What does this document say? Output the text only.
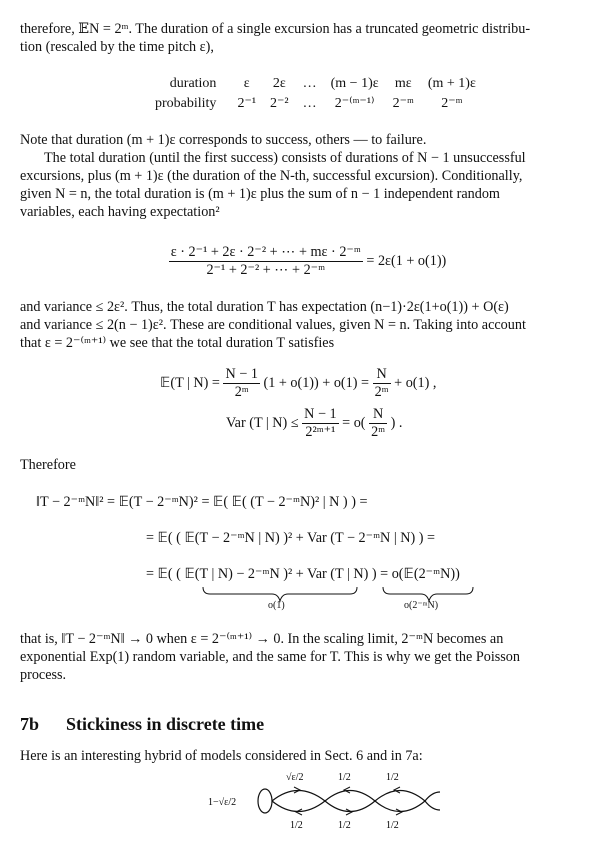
therefore, 𝔼N = 2ᵐ. The duration of a single excursion has a truncated geometric distribu-
tion (rescaled by the time pitch ε),
duration	ε	2ε	…	(m − 1)ε	mε	(m + 1)ε
probability	2⁻¹	2⁻²	…	2⁻⁽ᵐ⁻¹⁾	2⁻ᵐ	2⁻ᵐ
Note that duration (m + 1)ε corresponds to success, others — to failure.
The total duration (until the first success) consists of durations of N − 1 unsuccessful
excursions, plus (m + 1)ε (the duration of the N-th, successful excursion). Conditionally,
given N = n, the total duration is (m + 1)ε plus the sum of n − 1 independent random
variables, each having expectation²
$\frac{\text{ε · 2⁻¹ + 2ε · 2⁻² + ⋯ + mε · 2⁻ᵐ}}{\text{2⁻¹ + 2⁻² + ⋯ + 2⁻ᵐ}} = 2\varepsilon(1 + o(1))$
and variance ≤ 2ε². Thus, the total duration T has expectation (n−1)·2ε(1+o(1)) + O(ε)
and variance ≤ 2(n − 1)ε². These are conditional values, given N = n. Taking into account
that ε = 2⁻⁽ᵐ⁺¹⁾ we see that the total duration T satisfies
𝔼(T | $N) = \frac{N - 1}{\text{2ᵐ}} (1 + o(1)) + o(1) = \frac{N}{\text{2ᵐ}} + o(1)$ ,
Var (T | $N) \le \frac{N - 1}{\text{2²ᵐ⁺¹}} = o( \frac{N}{\text{2ᵐ}}$ ) .
Therefore
‖T − 2⁻ᵐN‖² = 𝔼(T − 2⁻ᵐN)² = 𝔼( 𝔼( (T − 2⁻ᵐN)² | N ) ) =
= 𝔼( ( 𝔼(T − 2⁻ᵐN | N) )² + Var (T − 2⁻ᵐN | N) ) =
= 𝔼( ( 𝔼(T | N) − 2⁻ᵐN )² + Var (T | N) ) = o(𝔼(2⁻ᵐN))
o(1)	o(2⁻ᵐN)
that is, ‖T − 2⁻ᵐN‖ → 0 when ε = 2⁻⁽ᵐ⁺¹⁾ → 0. In the scaling limit, 2⁻ᵐN becomes an
exponential Exp(1) random variable, and the same for T. This is why we get the Poisson
process.
7b Stickiness in discrete time
Here is an interesting hybrid of models considered in Sect. 6 and in 7a:
1−√ε/2
√ε/2	1/2	1/2
1/2	1/2	1/2
